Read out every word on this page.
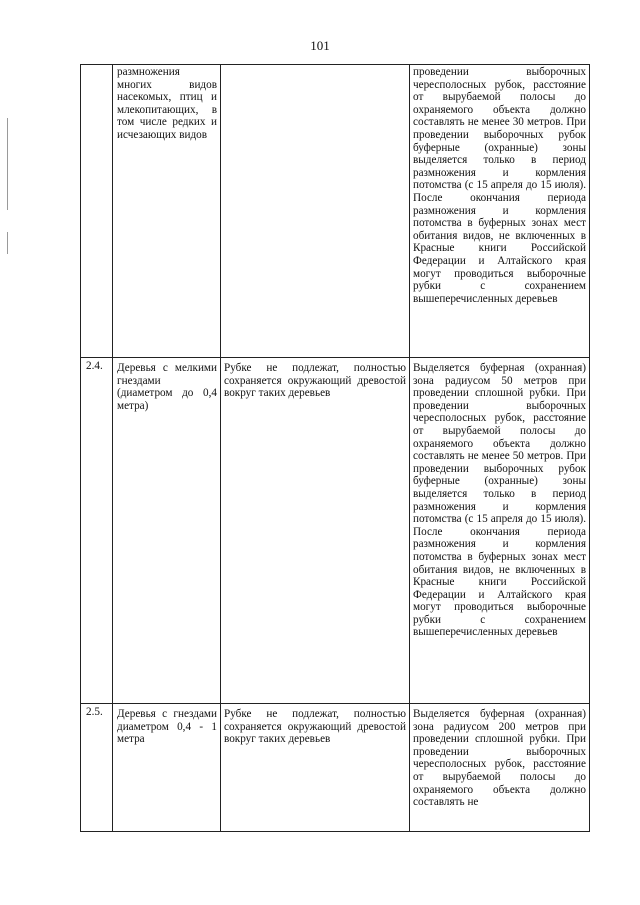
101
	размножения многих видов насекомых, птиц и млекопитающих, в том числе редких и исчезающих видов		проведении выборочных чересполосных рубок, расстояние от вырубаемой полосы до охраняемого объекта должно составлять не менее 30 метров. При проведении выборочных рубок буферные (охранные) зоны выделяется только в период размножения и кормления потомства (с 15 апреля до 15 июля). После окончания периода размножения и кормления потомства в буферных зонах мест обитания видов, не включенных в Красные книги Российской Федерации и Алтайского края могут проводиться выборочные рубки с сохранением вышеперечисленных деревьев
2.4.	Деревья с мелкими гнездами (диаметром до 0,4 метра)	Рубке не подлежат, полностью сохраняется окружающий древостой вокруг таких деревьев	Выделяется буферная (охранная) зона радиусом 50 метров при проведении сплошной рубки. При проведении выборочных чересполосных рубок, расстояние от вырубаемой полосы до охраняемого объекта должно составлять не менее 50 метров. При проведении выборочных рубок буферные (охранные) зоны выделяется только в период размножения и кормления потомства (с 15 апреля до 15 июля). После окончания периода размножения и кормления потомства в буферных зонах мест обитания видов, не включенных в Красные книги Российской Федерации и Алтайского края могут проводиться выборочные рубки с сохранением вышеперечисленных деревьев
2.5.	Деревья с гнездами диаметром 0,4 - 1 метра	Рубке не подлежат, полностью сохраняется окружающий древостой вокруг таких деревьев	Выделяется буферная (охранная) зона радиусом 200 метров при проведении сплошной рубки. При проведении выборочных чересполосных рубок, расстояние от вырубаемой полосы до охраняемого объекта должно составлять не
